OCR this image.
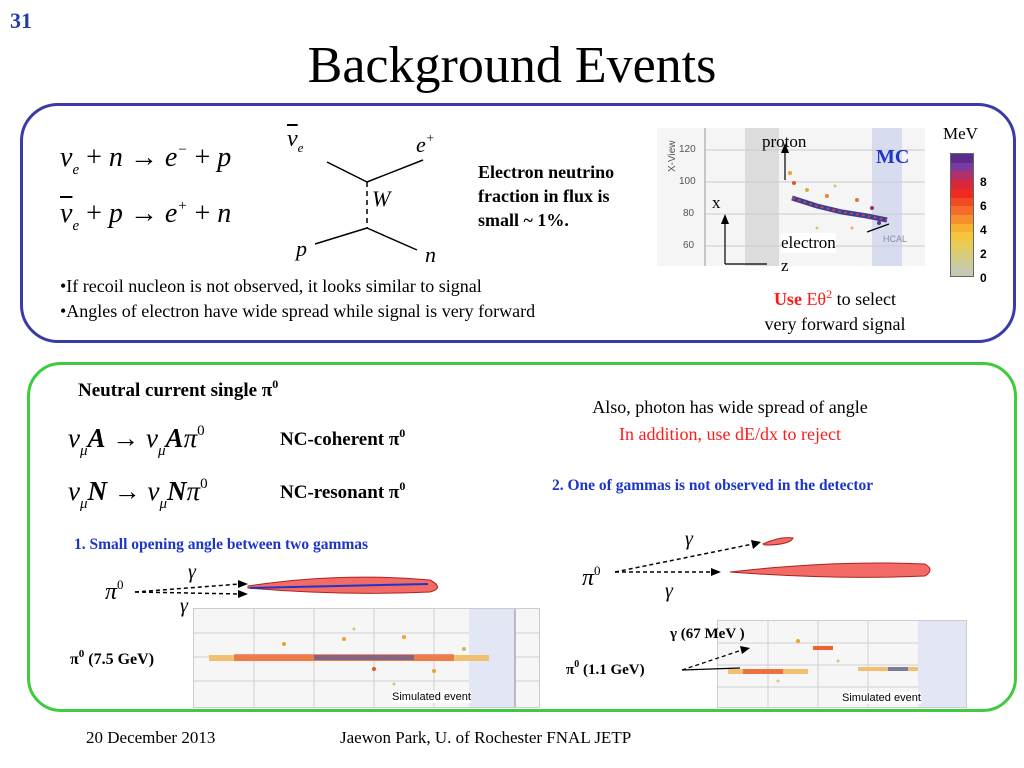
31
Background Events
$\nu_e + n \to e^- + p$
$\overline{\nu}_e + p \to e^+ + n$
$\overline{\nu}_e$	e+
W
p	n
Electron neutrino
fraction in flux is
small ~ 1%.
•If recoil nucleon is not observed, it looks similar to signal
•Angles of electron have wide spread while signal is very forward
X-View 120
100
80
60
HCAL
proton
electron
MC
x
z
MeV
8
6
4
2
0
Use $E\theta^2$ to select
very forward signal
Neutral current single $\pi^0$
$\nu_\mu A \to \nu_\mu A\pi^0$
$\nu_\mu N \to \nu_\mu N\pi^0$
NC-coherent $\pi^0$
NC-resonant $\pi^0$
Also, photon has wide spread of angle
In addition, use dE/dx to reject
2. One of gammas is not observed in the detector
1. Small opening angle between two gammas
$\pi^0$
γ
γ
$\pi^0$
γ
γ
Simulated event
$\pi^0$ (7.5 GeV)
Simulated event
γ (67 MeV )
$\pi^0$ (1.1 GeV)
20 December 2013	Jaewon Park, U. of Rochester FNAL JETP
